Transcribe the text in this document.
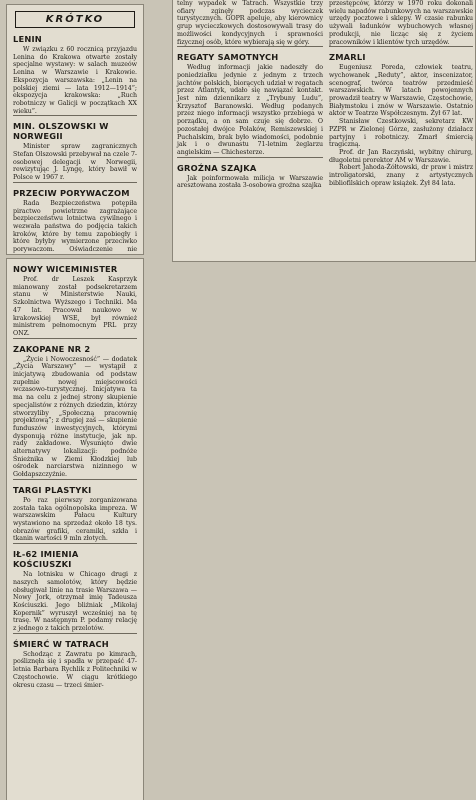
KRÓTKO
LENIN

W związku z 60 rocznicą przyjazdu Lenina do Krakowa otwarte zostały specjalne wystawy: w salach muzeów Lenina w Warszawie i Krakowie. Ekspozycja warszawska: „Lenin na polskiej ziemi — lata 1912—1914”; ekspozycja krakowska: „Ruch robotniczy w Galicji w początkach XX wieku”.

MIN. OLSZOWSKI W NORWEGII

Minister spraw zagranicznych Stefan Olszowski przebywał na czele 7-osobowej delegacji w Norwegii, rewizytując J. Lyngę, który bawił w Polsce w 1967 r.

PRZECIW PORYWACZOM

Rada Bezpieczeństwa potępiła piractwo powietrzne zagrażające bezpieczeństwu lotnictwa cywilnego i wezwała państwa do podjęcia takich kroków, które by temu zapobiegły i które byłyby wymierzone przeciwko porywaczom. Oświadczenie nie

NOWY WICEMINISTER

Prof. dr Leszek Kasprzyk mianowany został podsekretarzem stanu w Ministerstwie Nauki, Szkolnictwa Wyższego i Techniki. Ma 47 lat. Pracował naukowo w krakowskiej WSE, był również ministrem pełnomocnym PRL przy ONZ.

ZAKOPANE NR 2

„Życie i Nowoczesność” — dodatek „Życia Warszawy” — wystąpił z inicjatywą zbudowania od podstaw zupełnie nowej miejscowości wczasowo-turystycznej. Inicjatywa ta ma na celu z jednej strony skupienie specjalistów z różnych dziedzin, którzy stworzyliby „Społeczną pracownię projektową”; z drugiej zaś — skupienie funduszów inwestycyjnych, którymi dysponują różne instytucje, jak np. rady zakładowe. Wysunięto dwie alternatywy lokalizacji: podnóże Śnieżnika w Ziemi Kłodzkiej lub ośrodek narciarstwa nizinnego w Gołdapszczyźnie.

TARGI PLASTYKI

Po raz pierwszy zorganizowana została taka ogólnopolska impreza. W warszawskim Pałacu Kultury wystawiono na sprzedaż około 18 tys. obrazów grafiki, ceramiki, szkła i tkanin wartości 9 mln złotych.

IŁ-62 IMIENIA KOŚCIUSZKI

Na lotnisku w Chicago drugi z naszych samolotów, który będzie obsługiwał linie na trasie Warszawa — Nowy Jork, otrzymał imię Tadeusza Kościuszki. Jego bliźniak „Mikołaj Kopernik” wyruszył wcześniej na tę trasę. W następnym P. podamy relację z jednego z takich przelotów.

ŚMIERĆ W TATRACH

Schodząc z Zawratu po kimrach, pośliznęła się i spadła w przepaść 47-letnia Barbara Rychlik z Politechniki w Częstochowie. W ciągu krótkiego okresu czasu — trzeci śmier-

telny wypadek w Tatrach. Wszystkie trzy ofiary zginęły podczas wycieczek turystycznych. GOPR apeluje, aby kierownicy grup wycieczkowych dostosowywali trasy do możliwości kondycyjnych i sprawności fizycznej osób, które wybierają się w góry.

REGATY SAMOTNYCH

Według informacji jakie nadeszły do poniedziałku jedynie z jednym z trzech jachtów polskich, biorących udział w regatach przez Atlantyk, udało się nawiązać kontakt. Jest nim dziennikarz z „Trybuny Ludu”, Krzysztof Baranowski. Według podanych przez niego informacji wszystko przebiega w porządku, a on sam czuje się dobrze. O pozostałej dwójce Polaków, Remiszewskiej i Puchalskim, brak było wiadomości, podobnie jak i o dwunastu 71-letnim żeglarzu angielskim — Chichesterze.

GROŹNA SZAJKA

Jak poinformowała milicja w Warszawie aresztowana została 3-osobowa groźna szajka

przestępców, którzy w 1970 roku dokonali wielu napadów rabunkowych na warszawskie urzędy pocztowe i sklepy. W czasie rabunku używali ładunków wybuchowych własnej produkcji, nie licząc się z życiem pracowników i klientów tych urzędów.

ZMARLI

Eugeniusz Poreda, człowiek teatru, wychowanek „Reduty”, aktor, inscenizator, scenograf, twórca teatrów przedmieść warszawskich. W latach powojennych prowadził teatry w Warszawie, Częstochowie, Białymstoku i znów w Warszawie. Ostatnio aktor w Teatrze Współczesnym. Żył 67 lat.

Stanisław Czestkowski, sekretarz KW PZPR w Zielonej Górze, zasłużony działacz partyjny i robotniczy. Zmarł śmiercią tragiczną.

Prof. dr Jan Raczyński, wybitny chirurg, długoletni prorektor AM w Warszawie.

Robert Jahoda-Żółtowski, dr praw i mistrz introligatorski, znany z artystycznych bibliofilskich opraw książek. Żył 84 lata.
